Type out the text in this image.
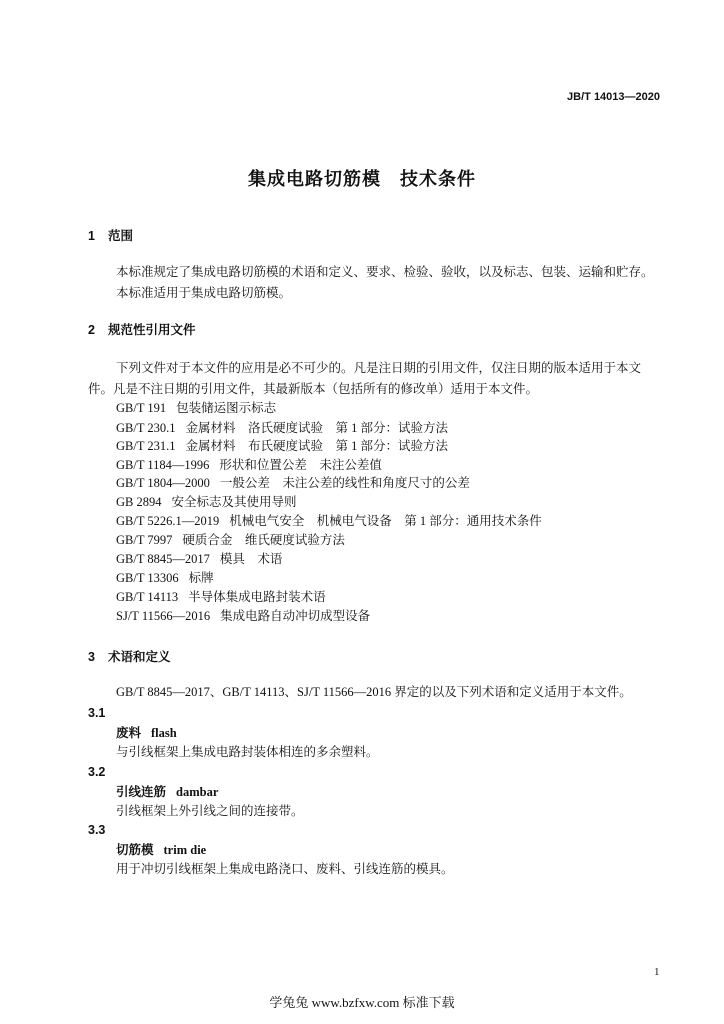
JB/T 14013—2020
集成电路切筋模　技术条件
1 范围
本标准规定了集成电路切筋模的术语和定义、要求、检验、验收，以及标志、包装、运输和贮存。
本标准适用于集成电路切筋模。
2 规范性引用文件
下列文件对于本文件的应用是必不可少的。凡是注日期的引用文件，仅注日期的版本适用于本文
件。凡是不注日期的引用文件，其最新版本（包括所有的修改单）适用于本文件。
GB/T 191 包装储运图示标志
GB/T 230.1 金属材料　洛氏硬度试验　第 1 部分：试验方法
GB/T 231.1 金属材料　布氏硬度试验　第 1 部分：试验方法
GB/T 1184—1996 形状和位置公差　未注公差值
GB/T 1804—2000 一般公差　未注公差的线性和角度尺寸的公差
GB 2894 安全标志及其使用导则
GB/T 5226.1—2019 机械电气安全　机械电气设备　第 1 部分：通用技术条件
GB/T 7997 硬质合金　维氏硬度试验方法
GB/T 8845—2017 模具　术语
GB/T 13306 标牌
GB/T 14113 半导体集成电路封装术语
SJ/T 11566—2016 集成电路自动冲切成型设备
3 术语和定义
GB/T 8845—2017、GB/T 14113、SJ/T 11566—2016 界定的以及下列术语和定义适用于本文件。
3.1
废料 flash
与引线框架上集成电路封装体相连的多余塑料。
3.2
引线连筋 dambar
引线框架上外引线之间的连接带。
3.3
切筋模 trim die
用于冲切引线框架上集成电路浇口、废料、引线连筋的模具。
1
学兔兔 www.bzfxw.com 标准下载
